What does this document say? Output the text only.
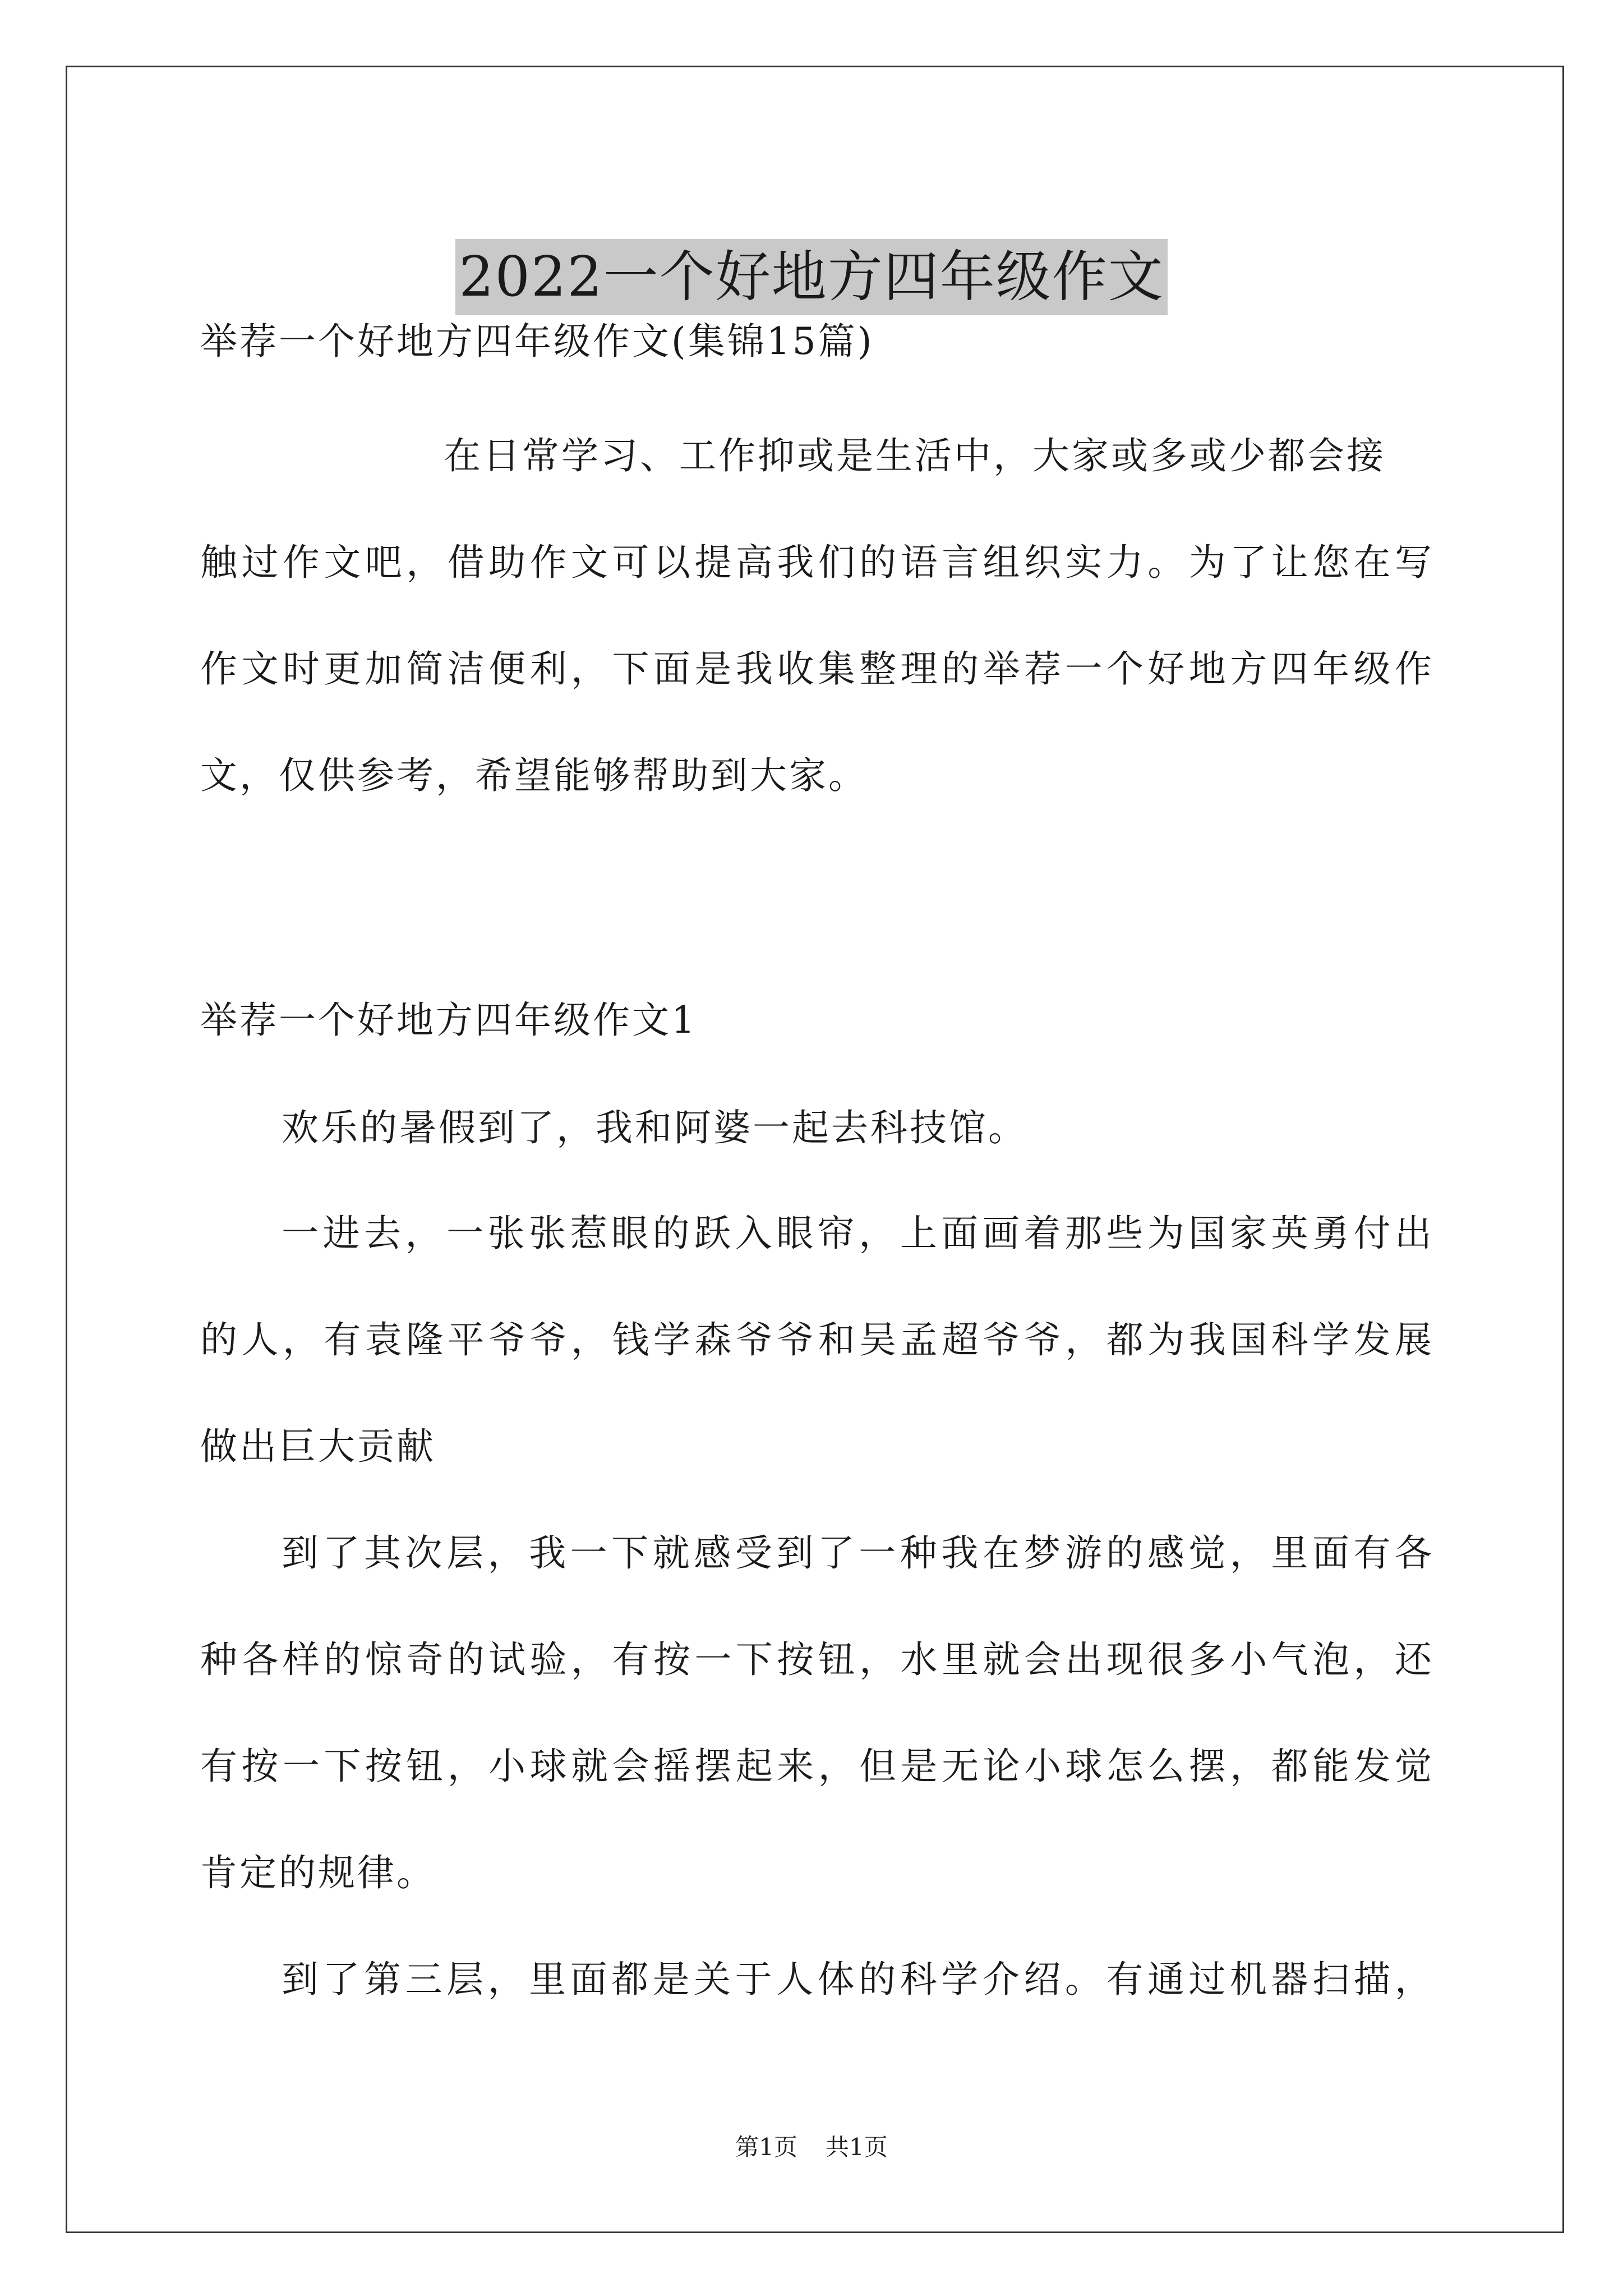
2022一个好地方四年级作文
举荐一个好地方四年级作文(集锦15篇)
在日常学习、工作抑或是生活中，大家或多或少都会接
触过作文吧，借助作文可以提高我们的语言组织实力。为了让您在写
作文时更加简洁便利，下面是我收集整理的举荐一个好地方四年级作
文，仅供参考，希望能够帮助到大家。
举荐一个好地方四年级作文1
欢乐的暑假到了，我和阿婆一起去科技馆。
一进去，一张张惹眼的跃入眼帘，上面画着那些为国家英勇付出
的人，有袁隆平爷爷，钱学森爷爷和吴孟超爷爷，都为我国科学发展
做出巨大贡献
到了其次层，我一下就感受到了一种我在梦游的感觉，里面有各
种各样的惊奇的试验，有按一下按钮，水里就会出现很多小气泡，还
有按一下按钮，小球就会摇摆起来，但是无论小球怎么摆，都能发觉
肯定的规律。
到了第三层，里面都是关于人体的科学介绍。有通过机器扫描，
第1页 共1页
